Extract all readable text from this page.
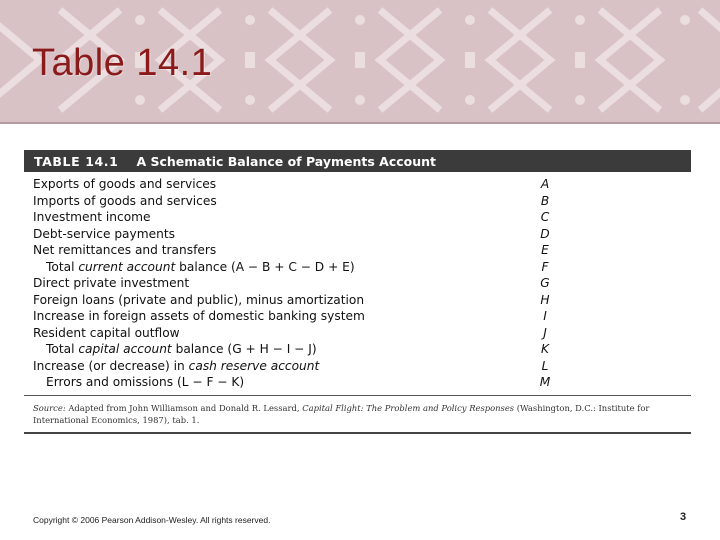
Table 14.1
TABLE 14.1 A Schematic Balance of Payments Account
Exports of goods and services	A
Imports of goods and services	B
Investment income	C
Debt-service payments	D
Net remittances and transfers	E
Total current account balance (A − B + C − D + E)	F
Direct private investment	G
Foreign loans (private and public), minus amortization	H
Increase in foreign assets of domestic banking system	I
Resident capital outflow	J
Total capital account balance (G + H − I − J)	K
Increase (or decrease) in cash reserve account	L
Errors and omissions (L − F − K)	M
Source: Adapted from John Williamson and Donald R. Lessard, Capital Flight: The Problem and Policy Responses (Washington, D.C.: Institute for International Economics, 1987), tab. 1.
Copyright © 2006 Pearson Addison-Wesley. All rights reserved.	3
